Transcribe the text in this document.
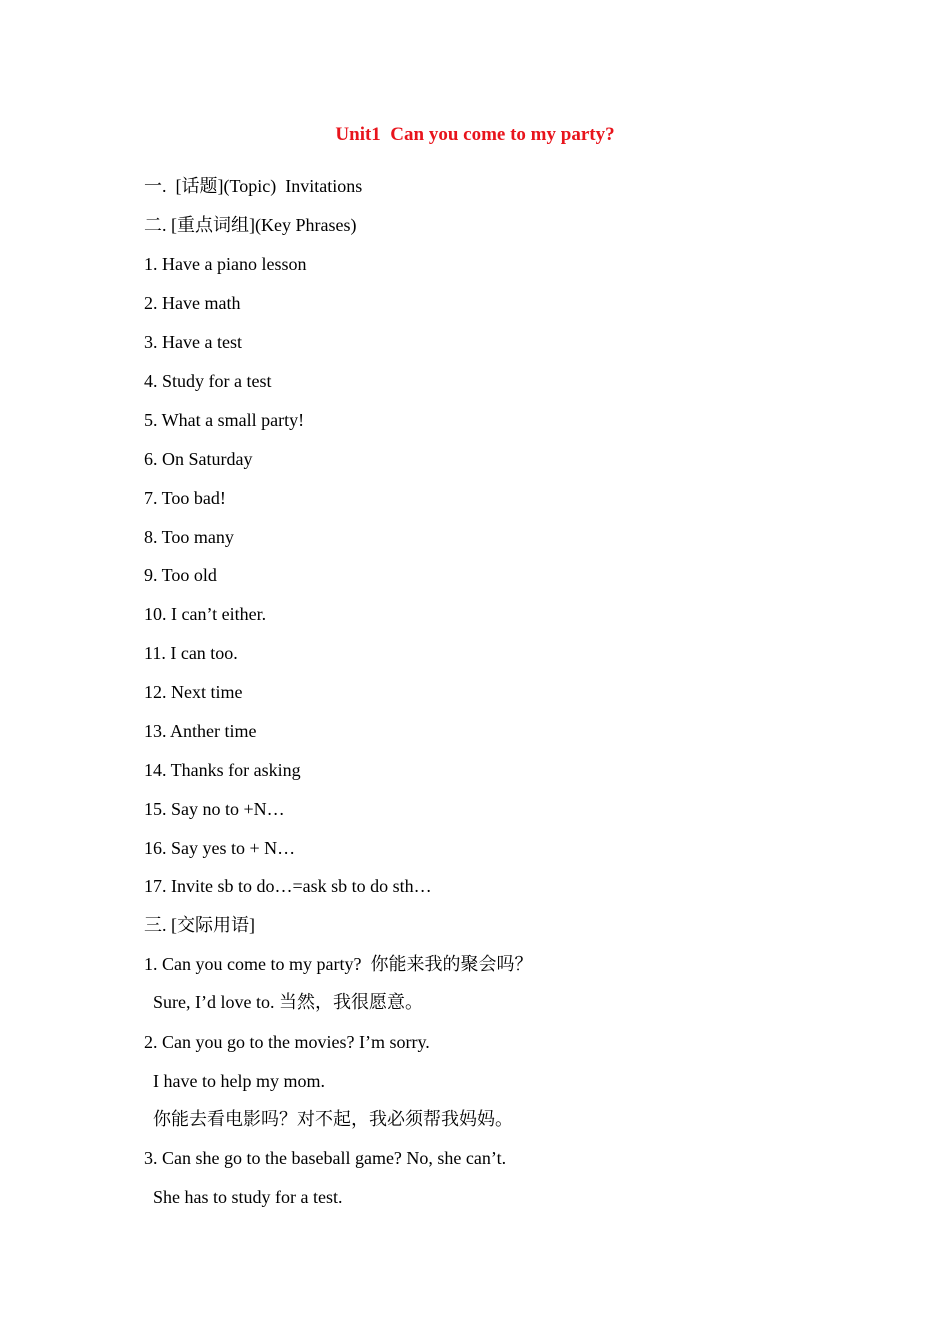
Unit1  Can you come to my party?
一.  [话题](Topic)  Invitations
二. [重点词组](Key Phrases)
1. Have a piano lesson
2. Have math
3. Have a test
4. Study for a test
5. What a small party!
6. On Saturday
7. Too bad!
8. Too many
9. Too old
10. I can’t either.
11. I can too.
12. Next time
13. Anther time
14. Thanks for asking
15. Say no to +N…
16. Say yes to + N…
17. Invite sb to do…=ask sb to do sth…
三. [交际用语]
1. Can you come to my party?  你能来我的聚会吗？
Sure, I’d love to. 当然，我很愿意。
2. Can you go to the movies? I’m sorry.
I have to help my mom.
你能去看电影吗？对不起，我必须帮我妈妈。
3. Can she go to the baseball game? No, she can’t.
She has to study for a test.
